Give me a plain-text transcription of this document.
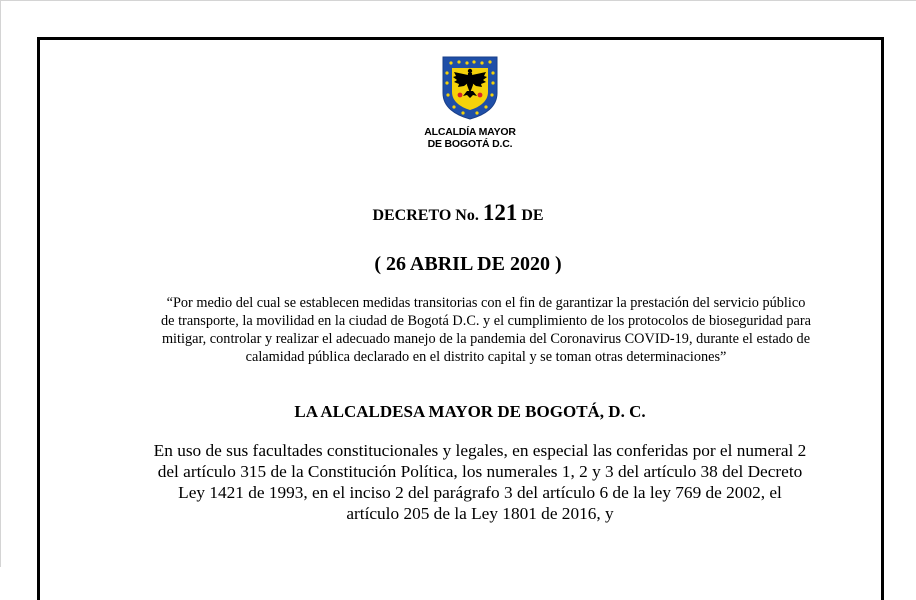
ALCALDÍA MAYOR
DE BOGOTÁ D.C.
DECRETO No. 121 DE
( 26 ABRIL DE 2020 )
“Por medio del cual se establecen medidas transitorias con el fin de garantizar la prestación del servicio público
de transporte, la movilidad en la ciudad de Bogotá D.C. y el cumplimiento de los protocolos de bioseguridad para
mitigar, controlar y realizar el adecuado manejo de la pandemia del Coronavirus COVID-19, durante el estado de
calamidad pública declarado en el distrito capital y se toman otras determinaciones”
LA ALCALDESA MAYOR DE BOGOTÁ, D. C.
En uso de sus facultades constitucionales y legales, en especial las conferidas por el numeral 2
del artículo 315 de la Constitución Política, los numerales 1, 2 y 3 del artículo 38 del Decreto
Ley 1421 de 1993, en el inciso 2 del parágrafo 3 del artículo 6 de la ley 769 de 2002, el
artículo 205 de la Ley 1801 de 2016, y
